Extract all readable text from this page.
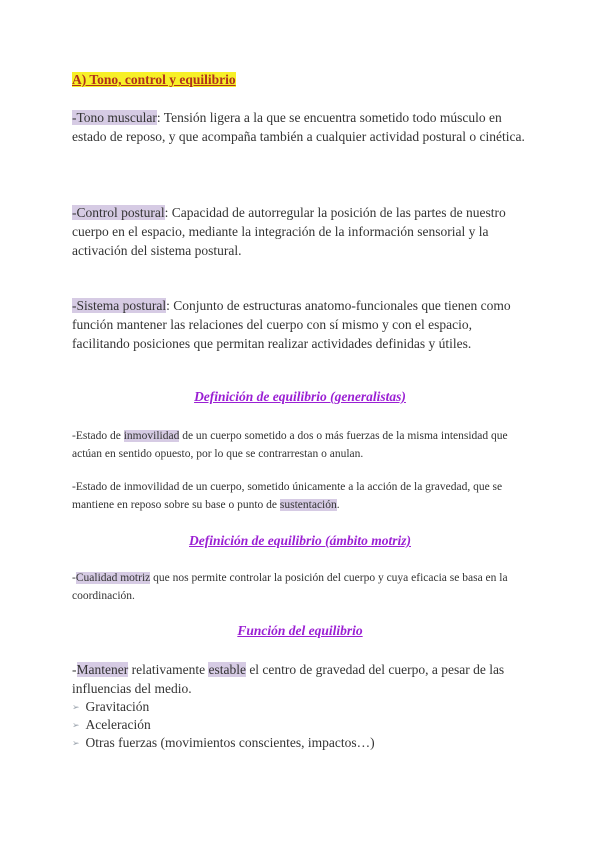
A) Tono, control y equilibrio
-Tono muscular: Tensión ligera a la que se encuentra sometido todo músculo en estado de reposo, y que acompaña también a cualquier actividad postural o cinética.
-Control postural: Capacidad de autorregular la posición de las partes de nuestro cuerpo en el espacio, mediante la integración de la información sensorial y la activación del sistema postural.
-Sistema postural: Conjunto de estructuras anatomo-funcionales que tienen como función mantener las relaciones del cuerpo con sí mismo y con el espacio, facilitando posiciones que permitan realizar actividades definidas y útiles.
Definición de equilibrio (generalistas)
-Estado de inmovilidad de un cuerpo sometido a dos o más fuerzas de la misma intensidad que actúan en sentido opuesto, por lo que se contrarrestan o anulan.
-Estado de inmovilidad de un cuerpo, sometido únicamente a la acción de la gravedad, que se mantiene en reposo sobre su base o punto de sustentación.
Definición de equilibrio (ámbito motriz)
-Cualidad motriz que nos permite controlar la posición del cuerpo y cuya eficacia se basa en la coordinación.
Función del equilibrio
-Mantener relativamente estable el centro de gravedad del cuerpo, a pesar de las influencias del medio.
➢ Gravitación
➢ Aceleración
➢ Otras fuerzas (movimientos conscientes, impactos…)
